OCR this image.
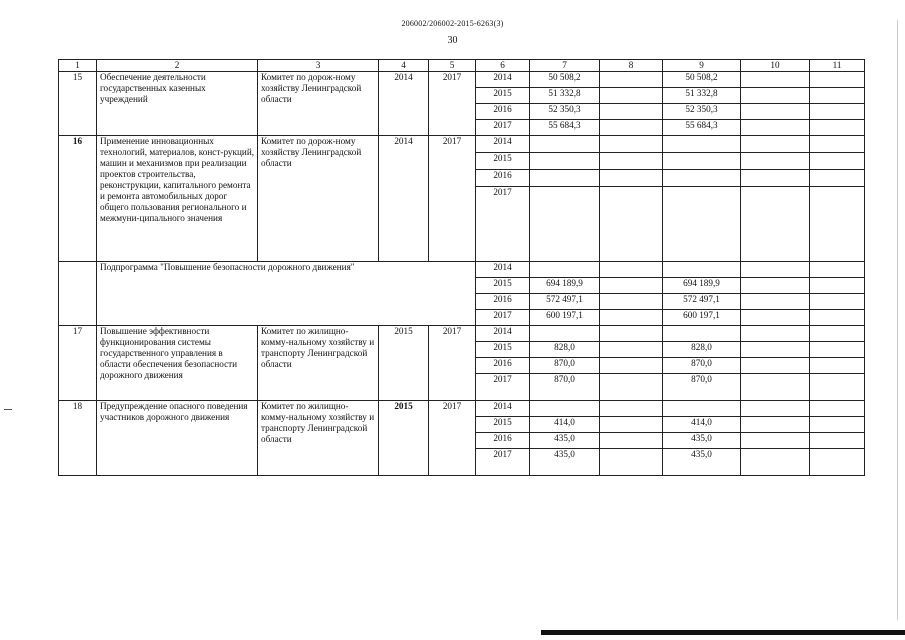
206002/206002-2015-6263(3)
30
1	2	3	4	5	6	7	8	9	10	11
15	Обеспечение деятельности государственных казенных учреждений	Комитет по дорож-ному хозяйству Ленинградской области	2014	2017	2014	50 508,2		50 508,2		
					2015	51 332,8		51 332,8		
					2016	52 350,3		52 350,3		
					2017	55 684,3		55 684,3		
16	Применение инновационных технологий, материалов, конст-рукций, машин и механизмов при реализации проектов строительства, реконструкции, капитального ремонта и ремонта автомобильных дорог общего пользования регионального и межмуни-ципального значения	Комитет по дорож-ному хозяйству Ленинградской области	2014	2017	2014					
					2015					
					2016					
					2017					
	Подпрограмма "Повышение безопасности дорожного движения"				2014					
					2015	694 189,9		694 189,9		
					2016	572 497,1		572 497,1		
					2017	600 197,1		600 197,1		
17	Повышение эффективности функционирования системы государственного управления в области обеспечения безопасности дорожного движения	Комитет по жилищно-комму-нальному хозяйству и транспорту Ленинградской области	2015	2017	2014					
					2015	828,0		828,0		
					2016	870,0		870,0		
					2017	870,0		870,0		
18	Предупреждение опасного поведения участников дорожного движения	Комитет по жилищно-комму-нальному хозяйству и транспорту Ленинградской области	2015	2017	2014					
					2015	414,0		414,0		
					2016	435,0		435,0		
					2017	435,0		435,0		
